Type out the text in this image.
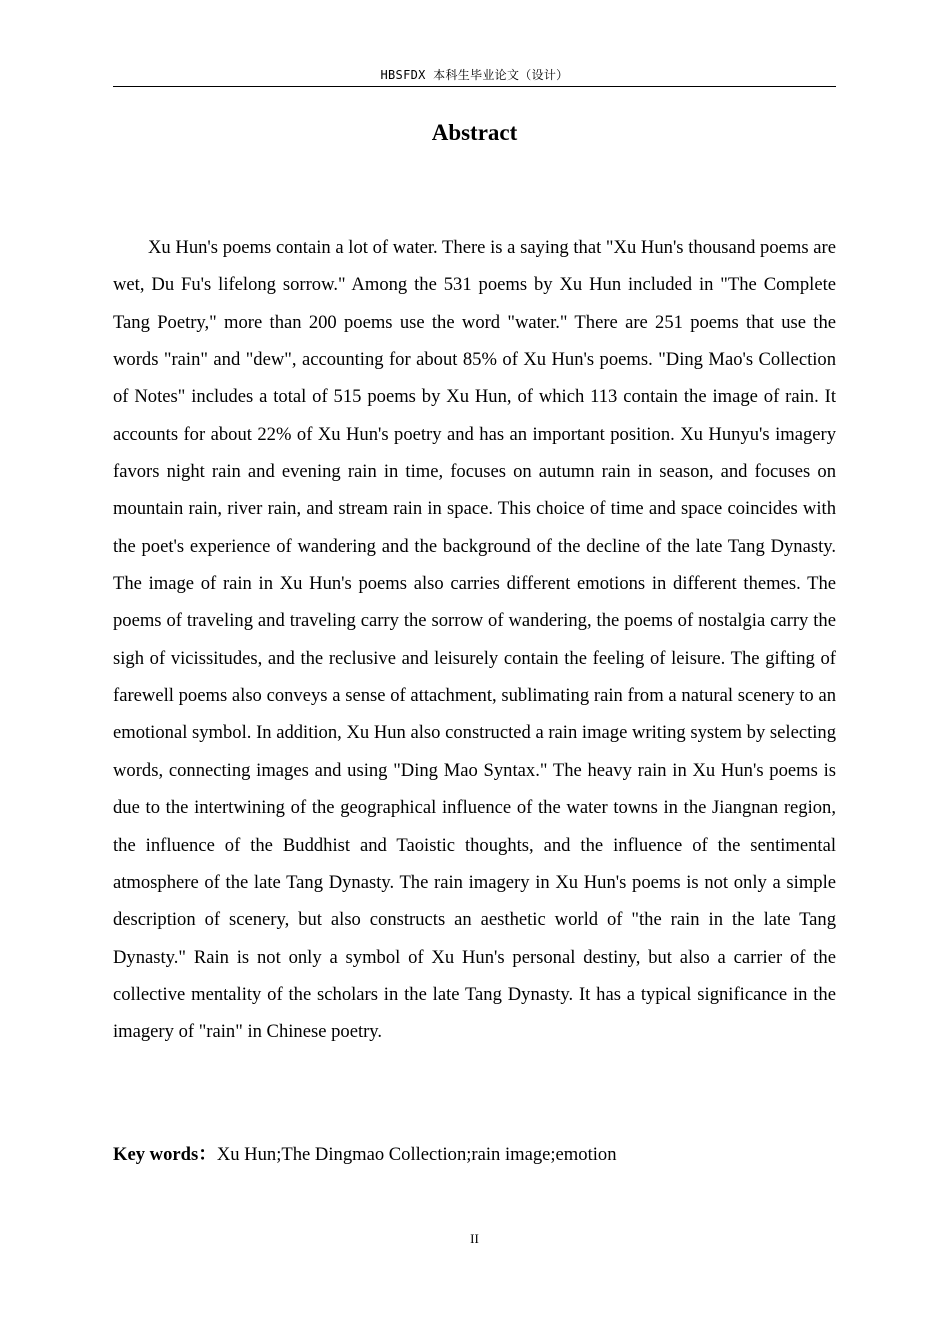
HBSFDX 本科生毕业论文（设计）
Abstract

Xu Hun's poems contain a lot of water. There is a saying that "Xu Hun's thousand poems are wet, Du Fu's lifelong sorrow." Among the 531 poems by Xu Hun included in "The Complete Tang Poetry," more than 200 poems use the word "water." There are 251 poems that use the words "rain" and "dew", accounting for about 85% of Xu Hun's poems. "Ding Mao's Collection of Notes" includes a total of 515 poems by Xu Hun, of which 113 contain the image of rain. It accounts for about 22% of Xu Hun's poetry and has an important position. Xu Hunyu's imagery favors night rain and evening rain in time, focuses on autumn rain in season, and focuses on mountain rain, river rain, and stream rain in space. This choice of time and space coincides with the poet's experience of wandering and the background of the decline of the late Tang Dynasty. The image of rain in Xu Hun's poems also carries different emotions in different themes. The poems of traveling and traveling carry the sorrow of wandering, the poems of nostalgia carry the sigh of vicissitudes, and the reclusive and leisurely contain the feeling of leisure. The gifting of farewell poems also conveys a sense of attachment, sublimating rain from a natural scenery to an emotional symbol. In addition, Xu Hun also constructed a rain image writing system by selecting words, connecting images and using "Ding Mao Syntax." The heavy rain in Xu Hun's poems is due to the intertwining of the geographical influence of the water towns in the Jiangnan region, the influence of the Buddhist and Taoistic thoughts, and the influence of the sentimental atmosphere of the late Tang Dynasty. The rain imagery in Xu Hun's poems is not only a simple description of scenery, but also constructs an aesthetic world of "the rain in the late Tang Dynasty." Rain is not only a symbol of Xu Hun's personal destiny, but also a carrier of the collective mentality of the scholars in the late Tang Dynasty. It has a typical significance in the imagery of "rain" in Chinese poetry.

Key words：Xu Hun;The Dingmao Collection;rain image;emotion
II
